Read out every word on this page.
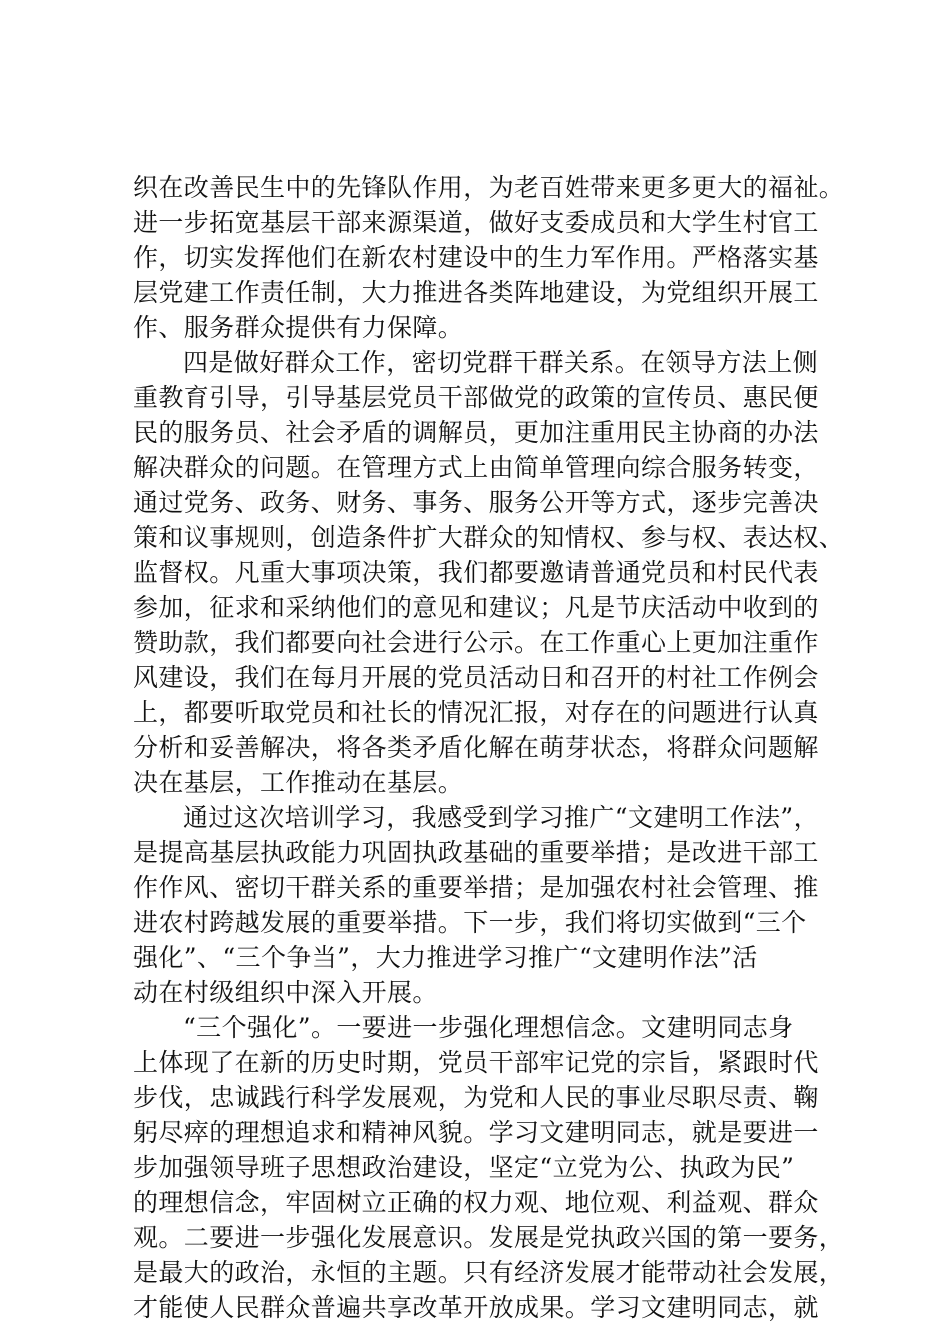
织在改善民生中的先锋队作用，为老百姓带来更多更大的福祉。
进一步拓宽基层干部来源渠道，做好支委成员和大学生村官工
作，切实发挥他们在新农村建设中的生力军作用。严格落实基
层党建工作责任制，大力推进各类阵地建设，为党组织开展工
作、服务群众提供有力保障。
四是做好群众工作，密切党群干群关系。在领导方法上侧
重教育引导，引导基层党员干部做党的政策的宣传员、惠民便
民的服务员、社会矛盾的调解员，更加注重用民主协商的办法
解决群众的问题。在管理方式上由简单管理向综合服务转变，
通过党务、政务、财务、事务、服务公开等方式，逐步完善决
策和议事规则，创造条件扩大群众的知情权、参与权、表达权、
监督权。凡重大事项决策，我们都要邀请普通党员和村民代表
参加，征求和采纳他们的意见和建议；凡是节庆活动中收到的
赞助款，我们都要向社会进行公示。在工作重心上更加注重作
风建设，我们在每月开展的党员活动日和召开的村社工作例会
上，都要听取党员和社长的情况汇报，对存在的问题进行认真
分析和妥善解决，将各类矛盾化解在萌芽状态，将群众问题解
决在基层，工作推动在基层。
通过这次培训学习，我感受到学习推广“文建明工作法”，
是提高基层执政能力巩固执政基础的重要举措；是改进干部工
作作风、密切干群关系的重要举措；是加强农村社会管理、推
进农村跨越发展的重要举措。下一步，我们将切实做到“三个
强化”、“三个争当”，大力推进学习推广“文建明作法”活
动在村级组织中深入开展。
“三个强化”。一要进一步强化理想信念。文建明同志身
上体现了在新的历史时期，党员干部牢记党的宗旨，紧跟时代
步伐，忠诚践行科学发展观，为党和人民的事业尽职尽责、鞠
躬尽瘁的理想追求和精神风貌。学习文建明同志，就是要进一
步加强领导班子思想政治建设，坚定“立党为公、执政为民”
的理想信念，牢固树立正确的权力观、地位观、利益观、群众
观。二要进一步强化发展意识。发展是党执政兴国的第一要务，
是最大的政治，永恒的主题。只有经济发展才能带动社会发展，
才能使人民群众普遍共享改革开放成果。学习文建明同志，就
